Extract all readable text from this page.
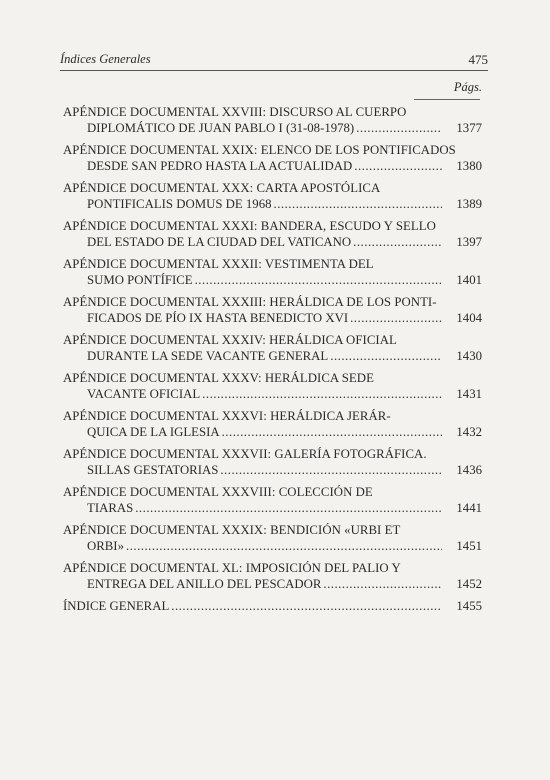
Índices Generales	475
Págs.
APÉNDICE DOCUMENTAL XXVIII: DISCURSO AL CUERPO
DIPLOMÁTICO DE JUAN PABLO I (31-08-1978) .....	1377
APÉNDICE DOCUMENTAL XXIX: ELENCO DE LOS PONTIFICADOS
DESDE SAN PEDRO HASTA LA ACTUALIDAD .....	1380
APÉNDICE DOCUMENTAL XXX: CARTA APOSTÓLICA
PONTIFICALIS DOMUS DE 1968 .....	1389
APÉNDICE DOCUMENTAL XXXI: BANDERA, ESCUDO Y SELLO
DEL ESTADO DE LA CIUDAD DEL VATICANO .....	1397
APÉNDICE DOCUMENTAL XXXII: VESTIMENTA DEL
SUMO PONTÍFICE .....	1401
APÉNDICE DOCUMENTAL XXXIII: HERÁLDICA DE LOS PONTI-
FICADOS DE PÍO IX HASTA BENEDICTO XVI .....	1404
APÉNDICE DOCUMENTAL XXXIV: HERÁLDICA OFICIAL
DURANTE LA SEDE VACANTE GENERAL .....	1430
APÉNDICE DOCUMENTAL XXXV: HERÁLDICA SEDE
VACANTE OFICIAL .....	1431
APÉNDICE DOCUMENTAL XXXVI: HERÁLDICA JERÁR-
QUICA DE LA IGLESIA .....	1432
APÉNDICE DOCUMENTAL XXXVII: GALERÍA FOTOGRÁFICA.
SILLAS GESTATORIAS .....	1436
APÉNDICE DOCUMENTAL XXXVIII: COLECCIÓN DE
TIARAS .....	1441
APÉNDICE DOCUMENTAL XXXIX: BENDICIÓN «URBI ET
ORBI» .....	1451
APÉNDICE DOCUMENTAL XL: IMPOSICIÓN DEL PALIO Y
ENTREGA DEL ANILLO DEL PESCADOR .....	1452
ÍNDICE GENERAL .....	1455
